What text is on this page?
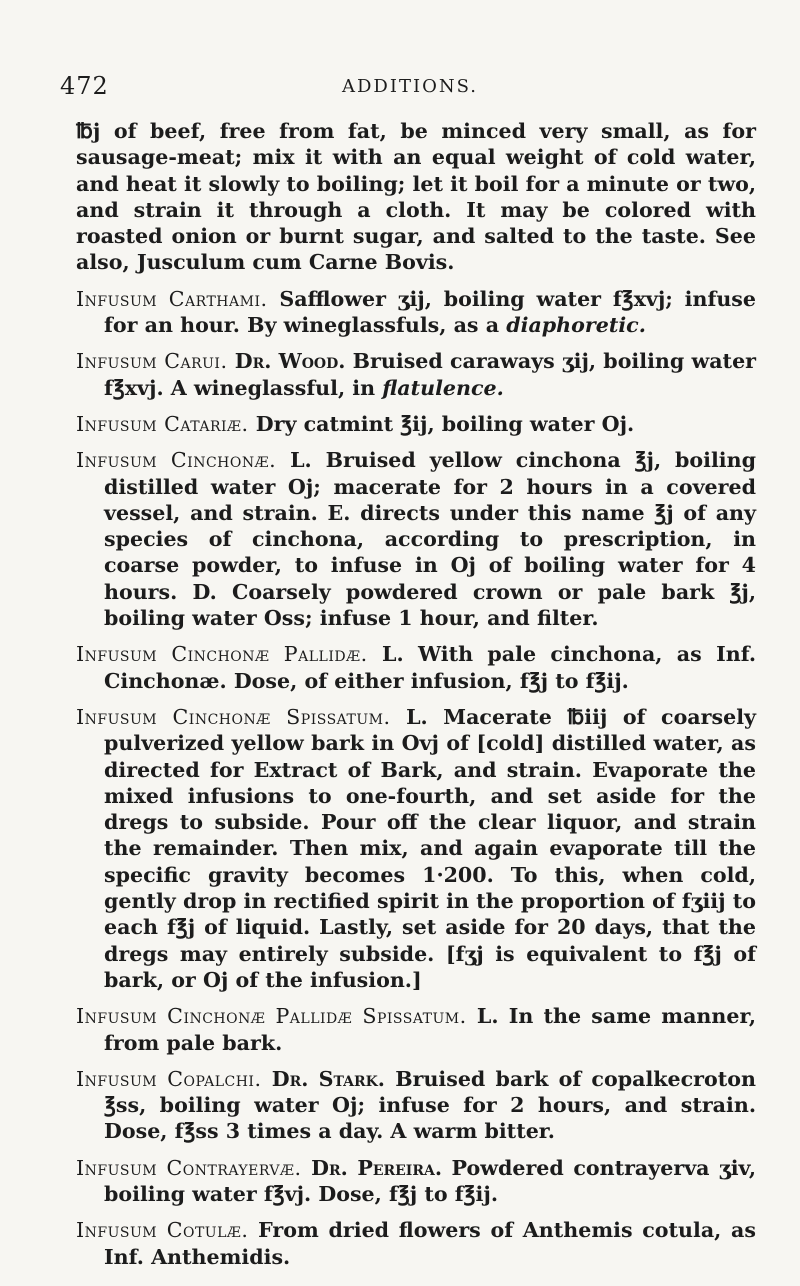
472	ADDITIONS.

℔j of beef, free from fat, be minced very small, as for sausage-meat; mix it with an equal weight of cold water, and heat it slowly to boiling; let it boil for a minute or two, and strain it through a cloth. It may be colored with roasted onion or burnt sugar, and salted to the taste. See also, Jusculum cum Carne Bovis.

Infusum Carthami. Safflower ʒij, boiling water f℥xvj; infuse for an hour. By wineglassfuls, as a diaphoretic.

Infusum Carui. Dr. Wood. Bruised caraways ʒij, boiling water f℥xvj. A wineglassful, in flatulence.

Infusum Catariæ. Dry catmint ℥ij, boiling water Oj.

Infusum Cinchonæ. L. Bruised yellow cinchona ℥j, boiling distilled water Oj; macerate for 2 hours in a covered vessel, and strain. E. directs under this name ℥j of any species of cinchona, according to prescription, in coarse powder, to infuse in Oj of boiling water for 4 hours. D. Coarsely powdered crown or pale bark ℥j, boiling water Oss; infuse 1 hour, and filter.

Infusum Cinchonæ Pallidæ. L. With pale cinchona, as Inf. Cinchonæ. Dose, of either infusion, f℥j to f℥ij.

Infusum Cinchonæ Spissatum. L. Macerate ℔iij of coarsely pulverized yellow bark in Ovj of [cold] distilled water, as directed for Extract of Bark, and strain. Evaporate the mixed infusions to one-fourth, and set aside for the dregs to subside. Pour off the clear liquor, and strain the remainder. Then mix, and again evaporate till the specific gravity becomes 1·200. To this, when cold, gently drop in rectified spirit in the proportion of fʒiij to each f℥j of liquid. Lastly, set aside for 20 days, that the dregs may entirely subside. [fʒj is equivalent to f℥j of bark, or Oj of the infusion.]

Infusum Cinchonæ Pallidæ Spissatum. L. In the same manner, from pale bark.

Infusum Copalchi. Dr. Stark. Bruised bark of copalkecroton ℥ss, boiling water Oj; infuse for 2 hours, and strain. Dose, f℥ss 3 times a day. A warm bitter.

Infusum Contrayervæ. Dr. Pereira. Powdered contrayerva ʒiv, boiling water f℥vj. Dose, f℥j to f℥ij.

Infusum Cotulæ. From dried flowers of Anthemis cotula, as Inf. Anthemidis.
